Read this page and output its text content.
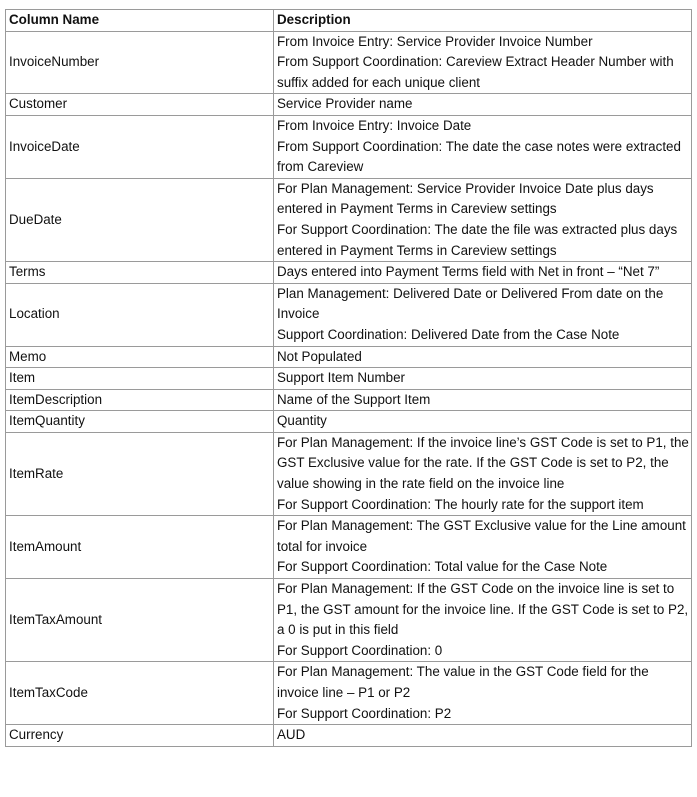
Column Name	Description
InvoiceNumber	From Invoice Entry: Service Provider Invoice Number
From Support Coordination: Careview Extract Header Number with suffix added for each unique client

Customer	Service Provider name

InvoiceDate	From Invoice Entry: Invoice Date
From Support Coordination: The date the case notes were extracted from Careview

DueDate	For Plan Management: Service Provider Invoice Date plus days entered in Payment Terms in Careview settings
For Support Coordination: The date the file was extracted plus days entered in Payment Terms in Careview settings

Terms	Days entered into Payment Terms field with Net in front – “Net 7”

Location	Plan Management: Delivered Date or Delivered From date on the Invoice
Support Coordination: Delivered Date from the Case Note

Memo	Not Populated

Item	Support Item Number

ItemDescription	Name of the Support Item

ItemQuantity	Quantity

ItemRate	For Plan Management: If the invoice line’s GST Code is set to P1, the GST Exclusive value for the rate. If the GST Code is set to P2, the value showing in the rate field on the invoice line
For Support Coordination: The hourly rate for the support item

ItemAmount	For Plan Management: The GST Exclusive value for the Line amount total for invoice
For Support Coordination: Total value for the Case Note

ItemTaxAmount	For Plan Management: If the GST Code on the invoice line is set to P1, the GST amount for the invoice line. If the GST Code is set to P2, a 0 is put in this field
For Support Coordination: 0

ItemTaxCode	For Plan Management: The value in the GST Code field for the invoice line – P1 or P2
For Support Coordination: P2

Currency	AUD
